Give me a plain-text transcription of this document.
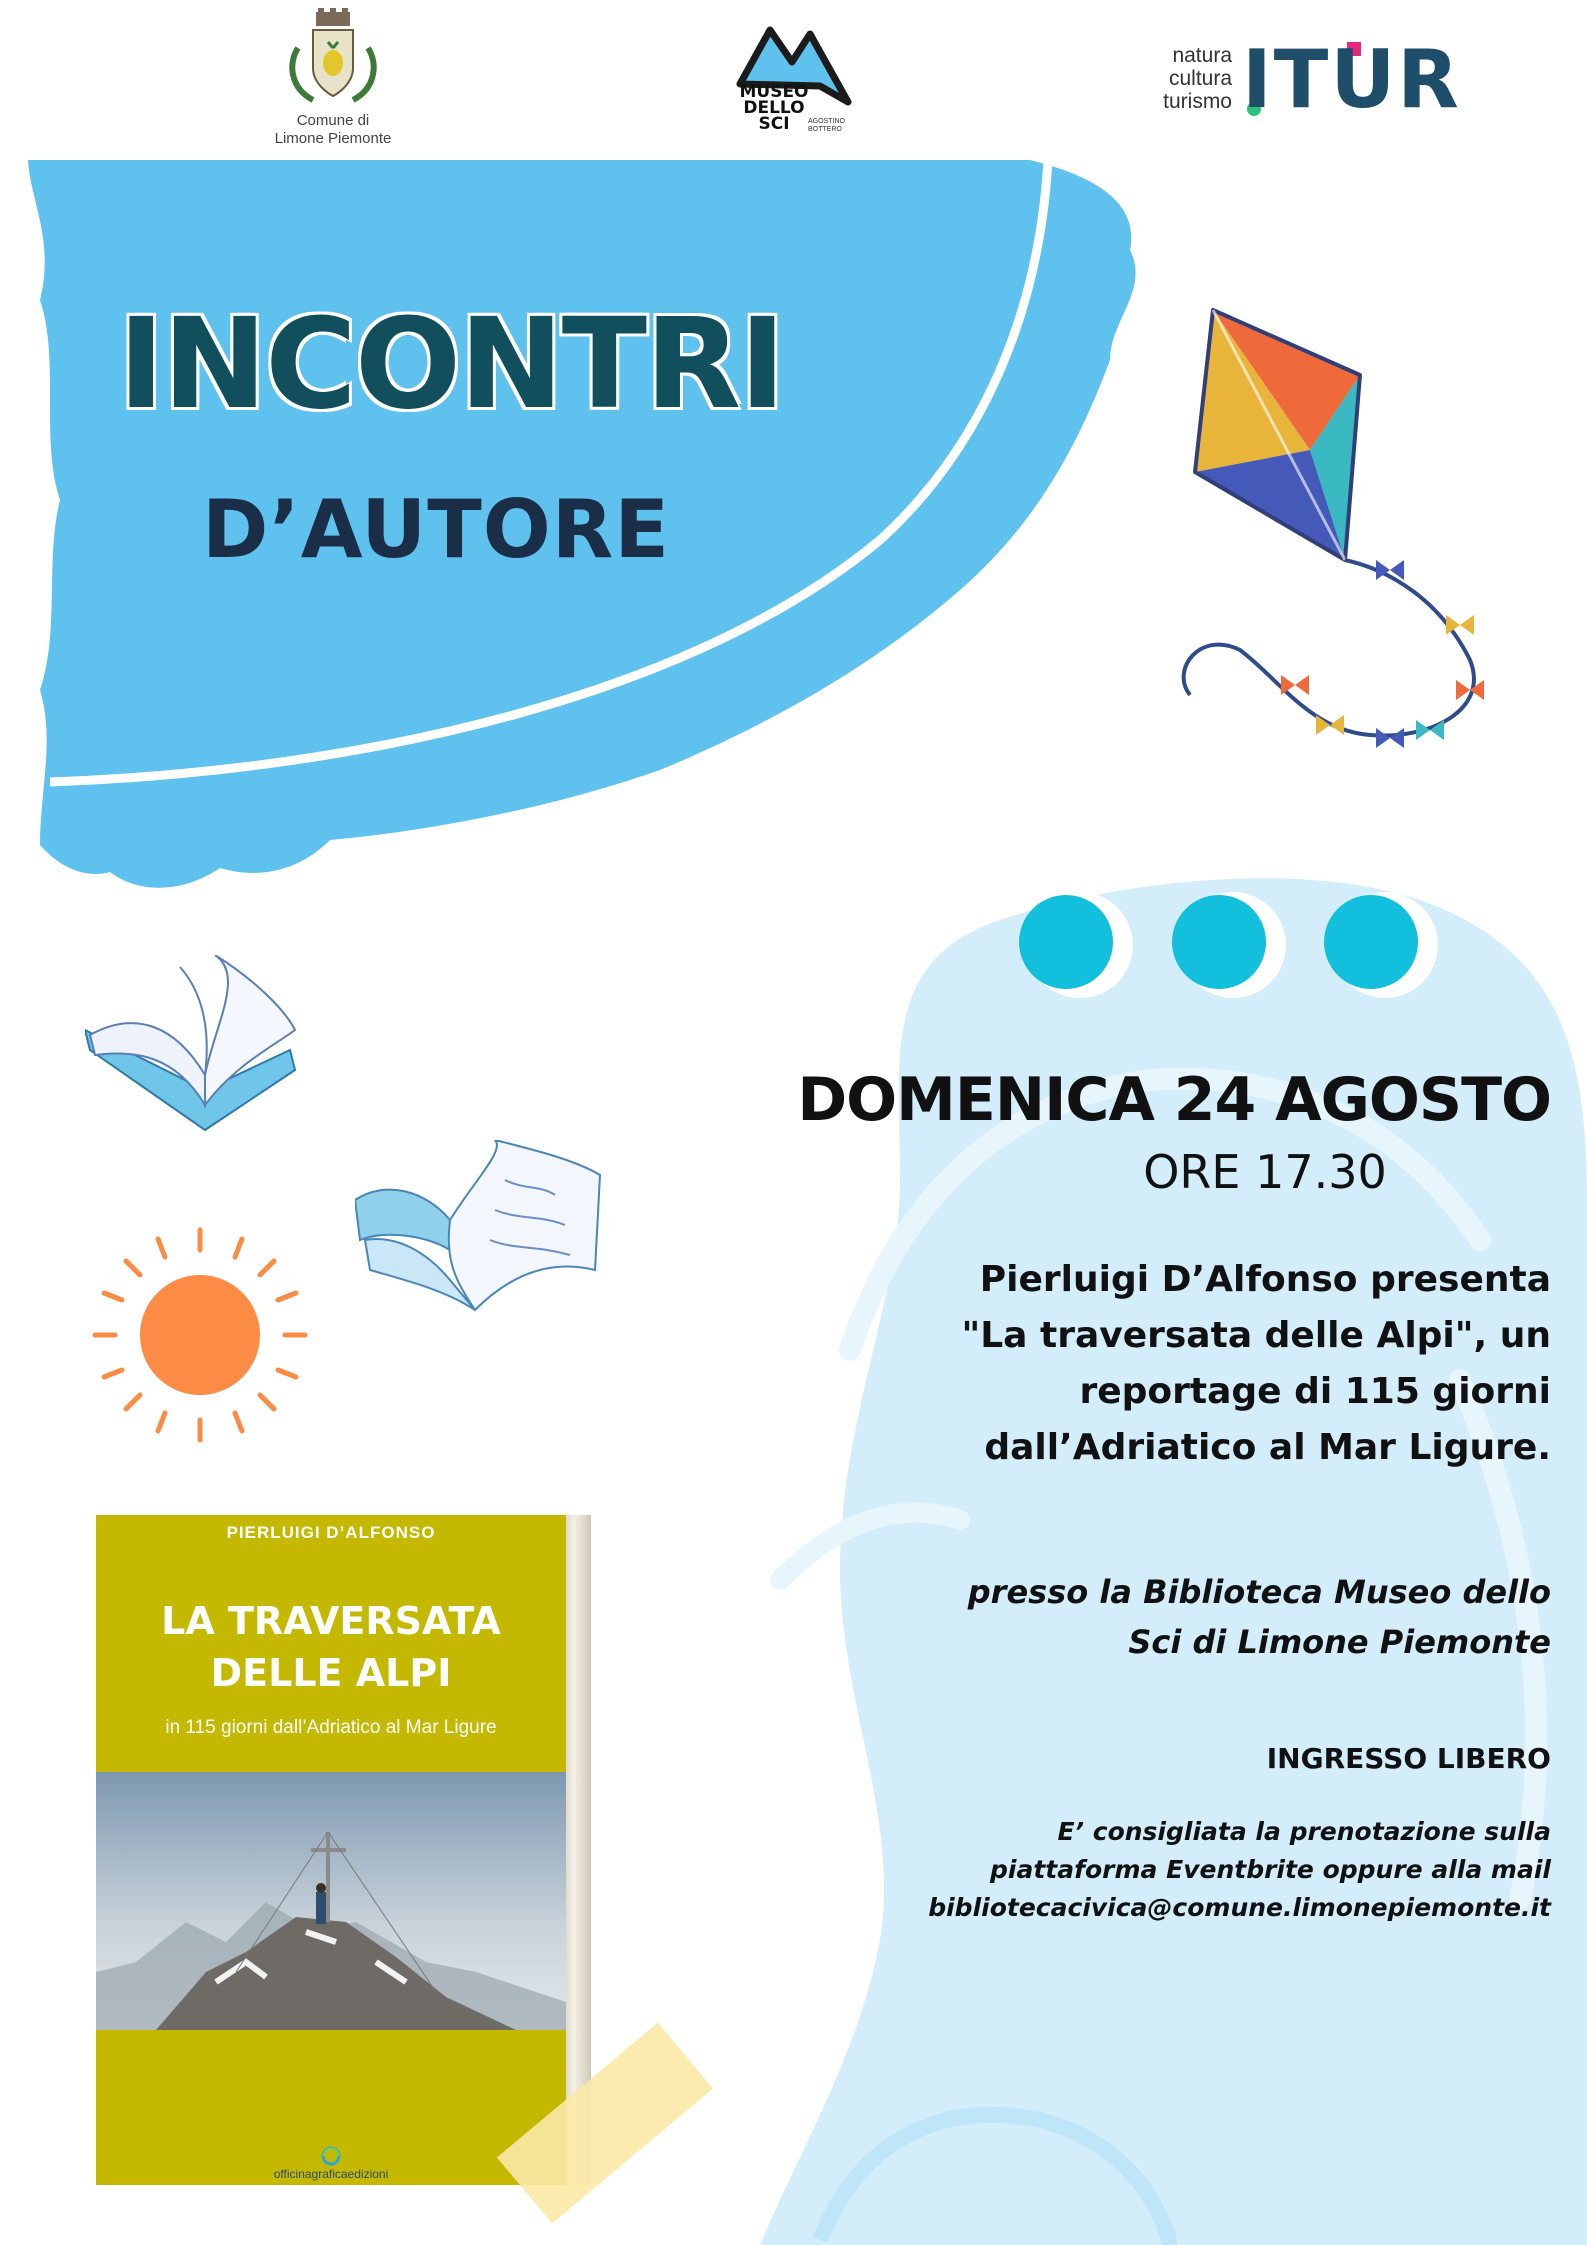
Comune di
Limone Piemonte
MUSEO
DELLO
SCI	AGOSTINO BOTTERO
natura
cultura
turismo ITUR
INCONTRI
D’AUTORE
PIERLUIGI D’ALFONSO
LA TRAVERSATA
DELLE ALPI
in 115 giorni dall’Adriatico al Mar Ligure
officinagraficaedizioni
DOMENICA 24 AGOSTO
ORE 17.30
Pierluigi D’Alfonso presenta
"La traversata delle Alpi", un
reportage di 115 giorni
dall’Adriatico al Mar Ligure.
presso la Biblioteca Museo dello
Sci di Limone Piemonte
INGRESSO LIBERO
E’ consigliata la prenotazione sulla
piattaforma Eventbrite oppure alla mail
bibliotecacivica@comune.limonepiemonte.it
